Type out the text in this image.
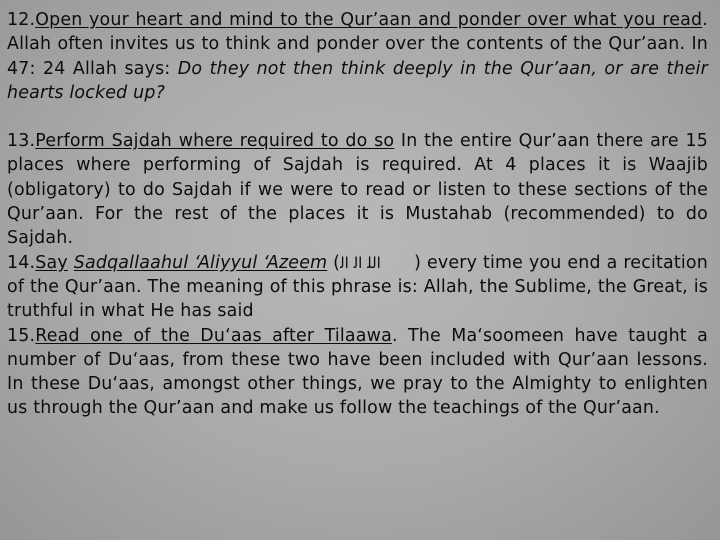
12.Open your heart and mind to the Qur’aan and ponder over what you read. Allah often invites us to think and ponder over the contents of the Qur’aan. In 47: 24 Allah says: Do they not then think deeply in the Qur’aan, or are their hearts locked up?

13.Perform Sajdah where required to do so In the entire Qur’aan there are 15 places where performing of Sajdah is required. At 4 places it is Waajib (obligatory) to do Sajdah if we were to read or listen to these sections of the Qur’aan. For the rest of the places it is Mustahab (recommended) to do Sajdah.

14.Say Sadqallaahul ‘Aliyyul ‘Azeem (ﺍﻟﻠ ﺍﻟ ﺍﻟ ) every time you end a recitation of the Qur’aan. The meaning of this phrase is: Allah, the Sublime, the Great, is truthful in what He has said

15.Read one of the Du‘aas after Tilaawa. The Ma‘soomeen have taught a number of Du‘aas, from these two have been included with Qur’aan lessons. In these Du‘aas, amongst other things, we pray to the Almighty to enlighten us through the Qur’aan and make us follow the teachings of the Qur’aan.
